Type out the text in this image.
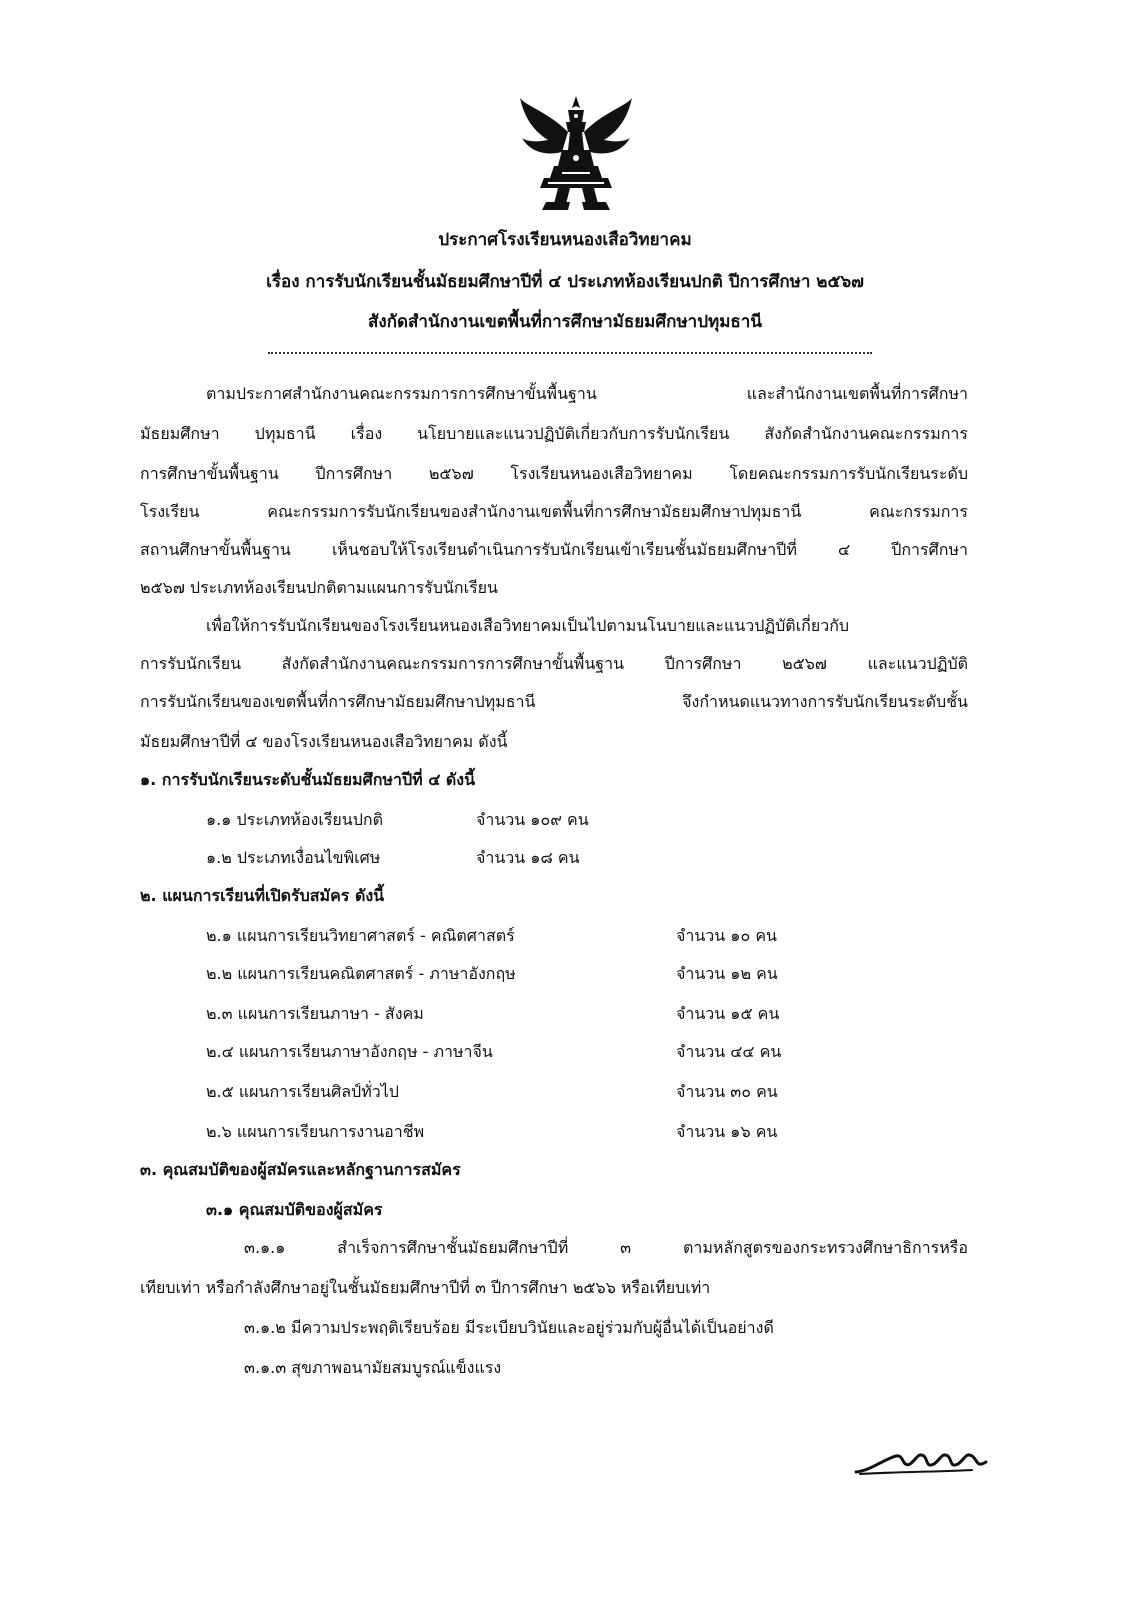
ประกาศโรงเรียนหนองเสือวิทยาคม
เรื่อง การรับนักเรียนชั้นมัธยมศึกษาปีที่ ๔ ประเภทห้องเรียนปกติ ปีการศึกษา ๒๕๖๗
สังกัดสำนักงานเขตพื้นที่การศึกษามัธยมศึกษาปทุมธานี
ตามประกาศสำนักงานคณะกรรมการการศึกษาขั้นพื้นฐาน และสำนักงานเขตพื้นที่การศึกษา
มัธยมศึกษา ปทุมธานี เรื่อง นโยบายและแนวปฏิบัติเกี่ยวกับการรับนักเรียน สังกัดสำนักงานคณะกรรมการ
การศึกษาขั้นพื้นฐาน ปีการศึกษา ๒๕๖๗ โรงเรียนหนองเสือวิทยาคม โดยคณะกรรมการรับนักเรียนระดับ
โรงเรียน คณะกรรมการรับนักเรียนของสำนักงานเขตพื้นที่การศึกษามัธยมศึกษาปทุมธานี คณะกรรมการ
สถานศึกษาขั้นพื้นฐาน เห็นชอบให้โรงเรียนดำเนินการรับนักเรียนเข้าเรียนชั้นมัธยมศึกษาปีที่ ๔ ปีการศึกษา
๒๕๖๗ ประเภทห้องเรียนปกติตามแผนการรับนักเรียน
เพื่อให้การรับนักเรียนของโรงเรียนหนองเสือวิทยาคมเป็นไปตามนโนบายและแนวปฏิบัติเกี่ยวกับ
การรับนักเรียน สังกัดสำนักงานคณะกรรมการการศึกษาขั้นพื้นฐาน ปีการศึกษา ๒๕๖๗ และแนวปฏิบัติ
การรับนักเรียนของเขตพื้นที่การศึกษามัธยมศึกษาปทุมธานี จึงกำหนดแนวทางการรับนักเรียนระดับชั้น
มัธยมศึกษาปีที่ ๔ ของโรงเรียนหนองเสือวิทยาคม ดังนี้
๑. การรับนักเรียนระดับชั้นมัธยมศึกษาปีที่ ๔ ดังนี้
๑.๑ ประเภทห้องเรียนปกติ	จำนวน ๑๐๙ คน
๑.๒ ประเภทเงื่อนไขพิเศษ	จำนวน ๑๘ คน
๒. แผนการเรียนที่เปิดรับสมัคร ดังนี้
๒.๑ แผนการเรียนวิทยาศาสตร์ - คณิตศาสตร์	จำนวน ๑๐ คน
๒.๒ แผนการเรียนคณิตศาสตร์ - ภาษาอังกฤษ	จำนวน ๑๒ คน
๒.๓ แผนการเรียนภาษา - สังคม	จำนวน ๑๕ คน
๒.๔ แผนการเรียนภาษาอังกฤษ - ภาษาจีน	จำนวน ๔๔ คน
๒.๕ แผนการเรียนศิลป์ทั่วไป	จำนวน ๓๐ คน
๒.๖ แผนการเรียนการงานอาชีพ	จำนวน ๑๖ คน
๓. คุณสมบัติของผู้สมัครและหลักฐานการสมัคร
๓.๑ คุณสมบัติของผู้สมัคร
๓.๑.๑ สำเร็จการศึกษาชั้นมัธยมศึกษาปีที่ ๓ ตามหลักสูตรของกระทรวงศึกษาธิการหรือ
เทียบเท่า หรือกำลังศึกษาอยู่ในชั้นมัธยมศึกษาปีที่ ๓ ปีการศึกษา ๒๕๖๖ หรือเทียบเท่า
๓.๑.๒ มีความประพฤติเรียบร้อย มีระเบียบวินัยและอยู่ร่วมกับผู้อื่นได้เป็นอย่างดี
๓.๑.๓ สุขภาพอนามัยสมบูรณ์แข็งแรง
